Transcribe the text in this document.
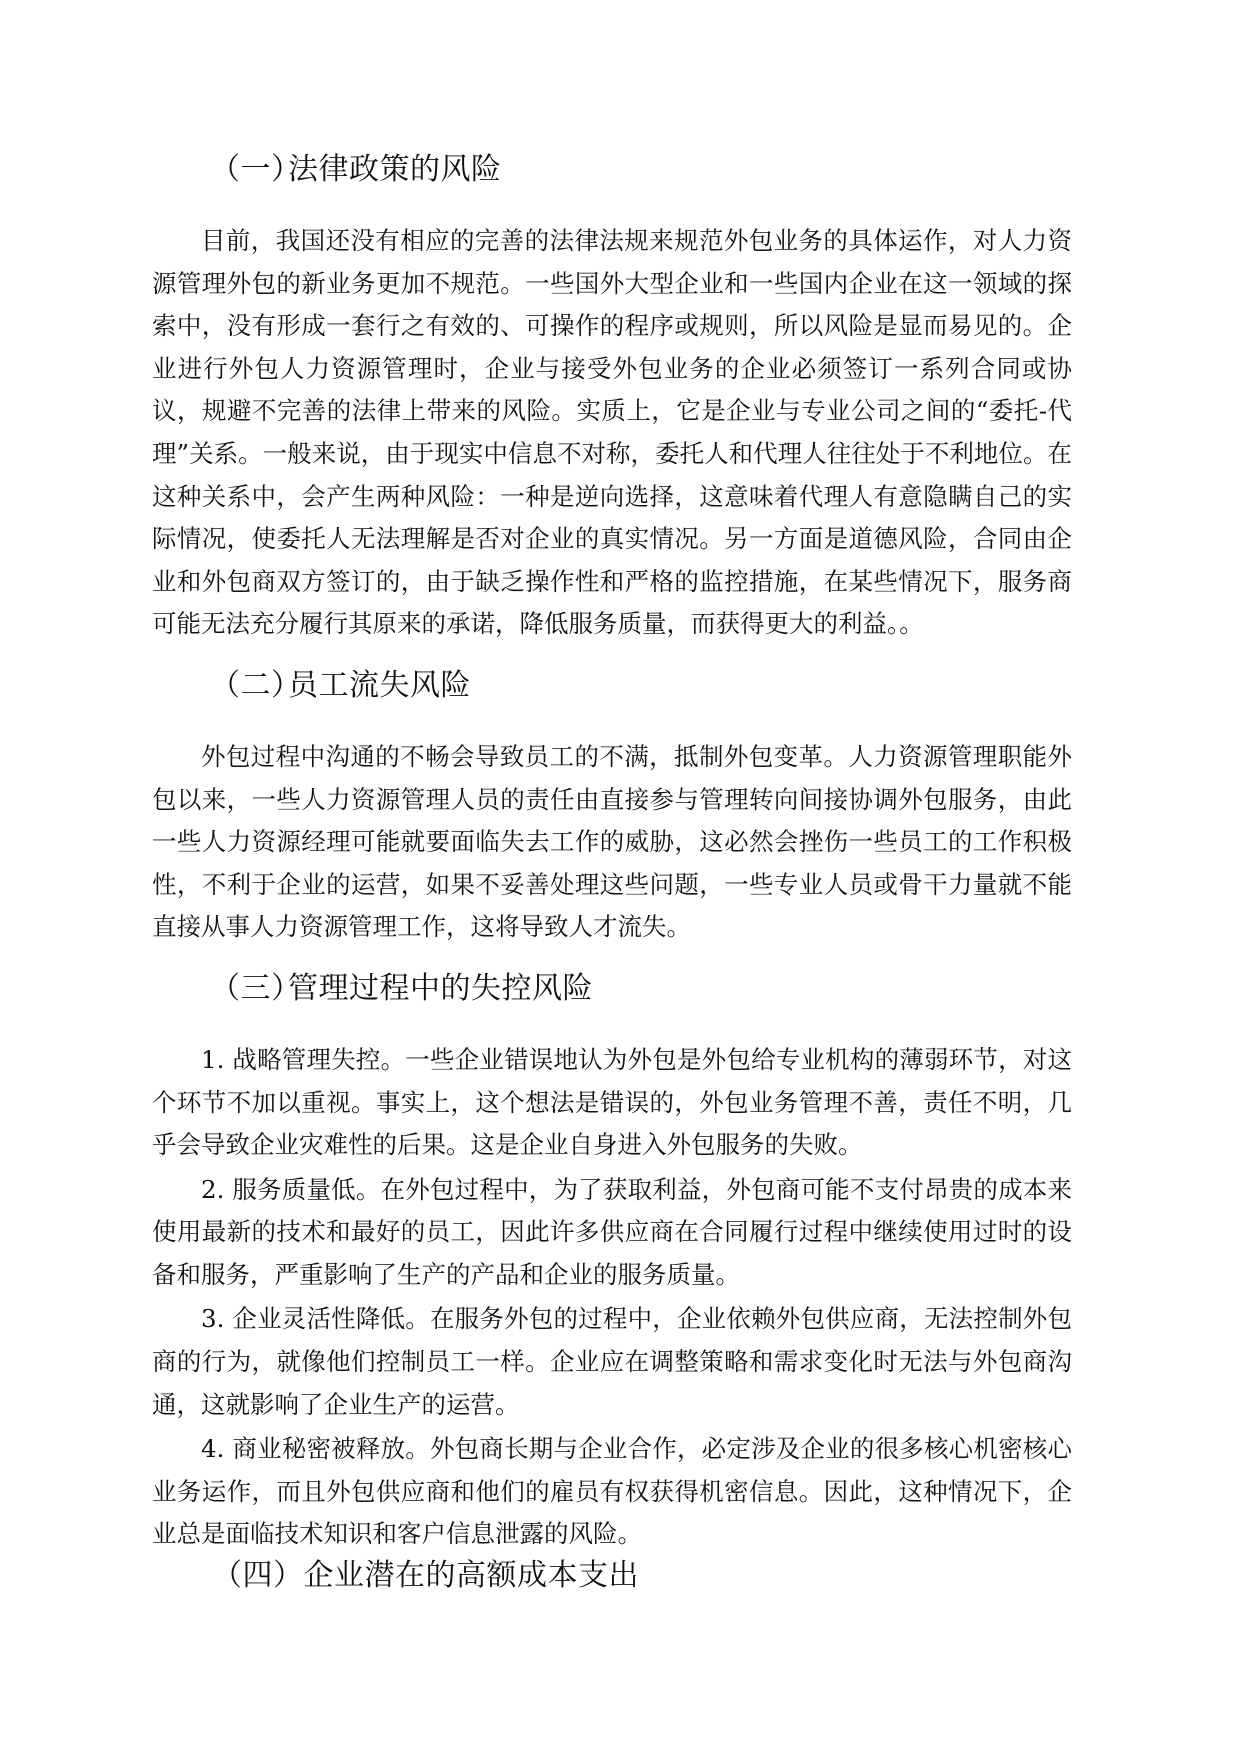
（一）法律政策的风险

目前，我国还没有相应的完善的法律法规来规范外包业务的具体运作，对人力资源管理外包的新业务更加不规范。一些国外大型企业和一些国内企业在这一领域的探索中，没有形成一套行之有效的、可操作的程序或规则，所以风险是显而易见的。企业进行外包人力资源管理时，企业与接受外包业务的企业必须签订一系列合同或协议，规避不完善的法律上带来的风险。实质上，它是企业与专业公司之间的“委托-代理”关系。一般来说，由于现实中信息不对称，委托人和代理人往往处于不利地位。在这种关系中，会产生两种风险：一种是逆向选择，这意味着代理人有意隐瞒自己的实际情况，使委托人无法理解是否对企业的真实情况。另一方面是道德风险，合同由企业和外包商双方签订的，由于缺乏操作性和严格的监控措施，在某些情况下，服务商可能无法充分履行其原来的承诺，降低服务质量，而获得更大的利益。。

（二）员工流失风险

外包过程中沟通的不畅会导致员工的不满，抵制外包变革。人力资源管理职能外包以来，一些人力资源管理人员的责任由直接参与管理转向间接协调外包服务，由此一些人力资源经理可能就要面临失去工作的威胁，这必然会挫伤一些员工的工作积极性，不利于企业的运营，如果不妥善处理这些问题，一些专业人员或骨干力量就不能直接从事人力资源管理工作，这将导致人才流失。

（三）管理过程中的失控风险

1. 战略管理失控。一些企业错误地认为外包是外包给专业机构的薄弱环节，对这个环节不加以重视。事实上，这个想法是错误的，外包业务管理不善，责任不明，几乎会导致企业灾难性的后果。这是企业自身进入外包服务的失败。

2. 服务质量低。在外包过程中，为了获取利益，外包商可能不支付昂贵的成本来使用最新的技术和最好的员工，因此许多供应商在合同履行过程中继续使用过时的设备和服务，严重影响了生产的产品和企业的服务质量。

3. 企业灵活性降低。在服务外包的过程中，企业依赖外包供应商，无法控制外包商的行为，就像他们控制员工一样。企业应在调整策略和需求变化时无法与外包商沟通，这就影响了企业生产的运营。

4. 商业秘密被释放。外包商长期与企业合作，必定涉及企业的很多核心机密核心业务运作，而且外包供应商和他们的雇员有权获得机密信息。因此，这种情况下，企业总是面临技术知识和客户信息泄露的风险。

（四）企业潜在的高额成本支出
